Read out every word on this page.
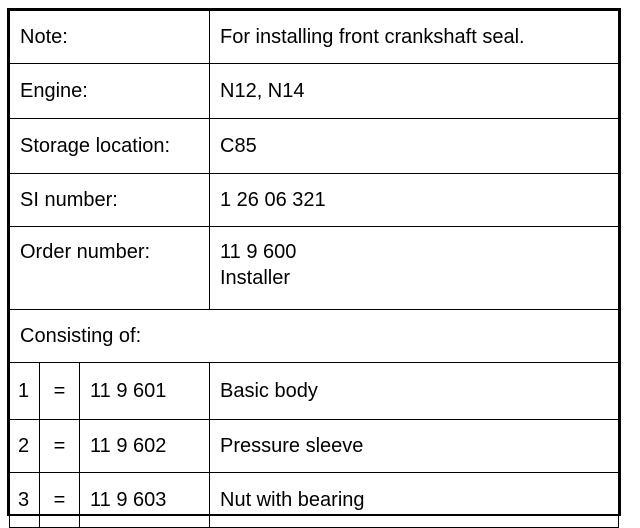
Note:			For installing front crankshaft seal.
Engine:			N12, N14
Storage location:			C85
SI number:			1 26 06 321
Order number:			11 9 600
Installer

Consisting of:			
1	=	11 9 601	Basic body
2	=	11 9 602	Pressure sleeve
3	=	11 9 603	Nut with bearing
